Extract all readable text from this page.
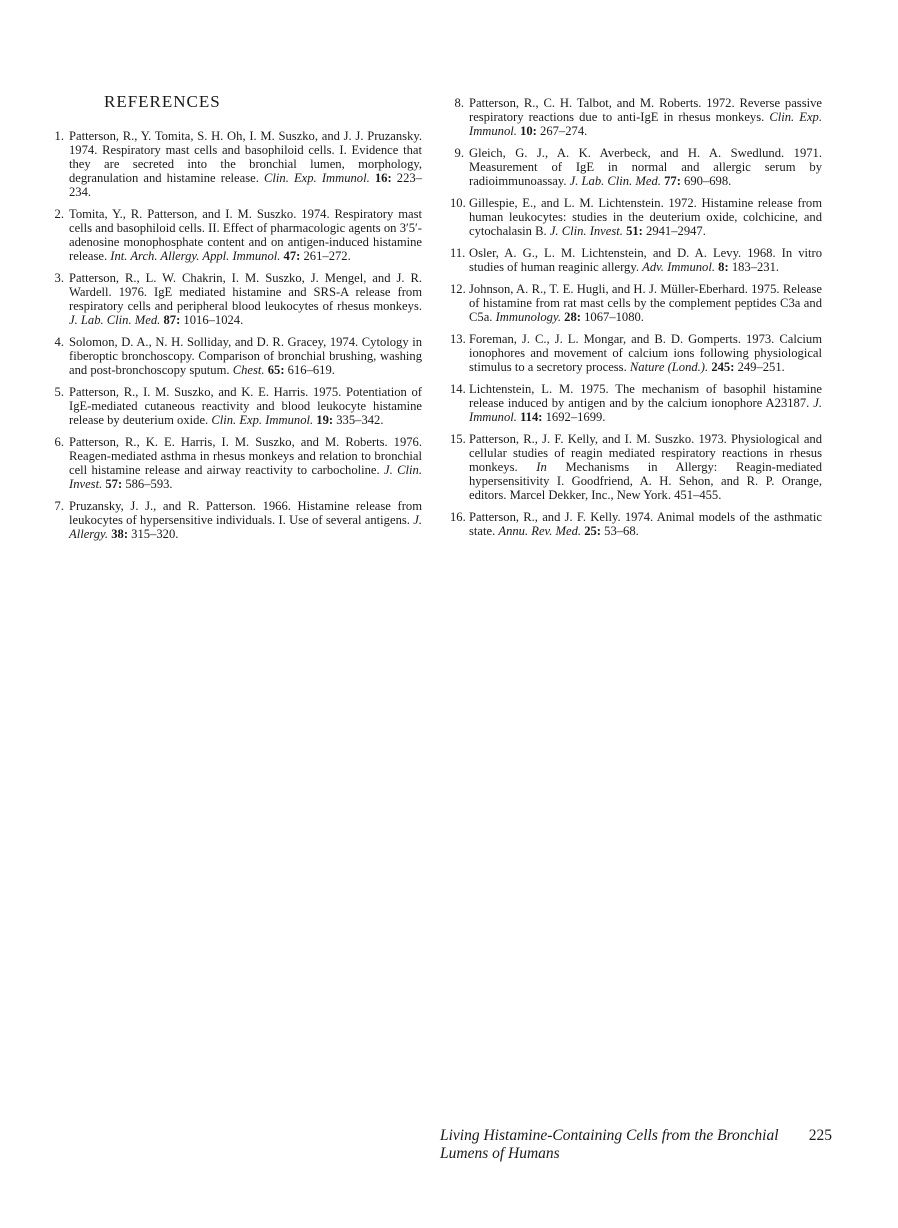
REFERENCES
1. Patterson, R., Y. Tomita, S. H. Oh, I. M. Suszko, and J. J. Pruzansky. 1974. Respiratory mast cells and basophiloid cells. I. Evidence that they are secreted into the bronchial lumen, morphology, degranulation and histamine release. Clin. Exp. Immunol. 16: 223–234.
2. Tomita, Y., R. Patterson, and I. M. Suszko. 1974. Respiratory mast cells and basophiloid cells. II. Effect of pharmacologic agents on 3′5′-adenosine monophosphate content and on antigen-induced histamine release. Int. Arch. Allergy. Appl. Immunol. 47: 261–272.
3. Patterson, R., L. W. Chakrin, I. M. Suszko, J. Mengel, and J. R. Wardell. 1976. IgE mediated histamine and SRS-A release from respiratory cells and peripheral blood leukocytes of rhesus monkeys. J. Lab. Clin. Med. 87: 1016–1024.
4. Solomon, D. A., N. H. Solliday, and D. R. Gracey, 1974. Cytology in fiberoptic bronchoscopy. Comparison of bronchial brushing, washing and post-bronchoscopy sputum. Chest. 65: 616–619.
5. Patterson, R., I. M. Suszko, and K. E. Harris. 1975. Potentiation of IgE-mediated cutaneous reactivity and blood leukocyte histamine release by deuterium oxide. Clin. Exp. Immunol. 19: 335–342.
6. Patterson, R., K. E. Harris, I. M. Suszko, and M. Roberts. 1976. Reagen-mediated asthma in rhesus monkeys and relation to bronchial cell histamine release and airway reactivity to carbocholine. J. Clin. Invest. 57: 586–593.
7. Pruzansky, J. J., and R. Patterson. 1966. Histamine release from leukocytes of hypersensitive individuals. I. Use of several antigens. J. Allergy. 38: 315–320.
8. Patterson, R., C. H. Talbot, and M. Roberts. 1972. Reverse passive respiratory reactions due to anti-IgE in rhesus monkeys. Clin. Exp. Immunol. 10: 267–274.
9. Gleich, G. J., A. K. Averbeck, and H. A. Swedlund. 1971. Measurement of IgE in normal and allergic serum by radioimmunoassay. J. Lab. Clin. Med. 77: 690–698.
10. Gillespie, E., and L. M. Lichtenstein. 1972. Histamine release from human leukocytes: studies in the deuterium oxide, colchicine, and cytochalasin B. J. Clin. Invest. 51: 2941–2947.
11. Osler, A. G., L. M. Lichtenstein, and D. A. Levy. 1968. In vitro studies of human reaginic allergy. Adv. Immunol. 8: 183–231.
12. Johnson, A. R., T. E. Hugli, and H. J. Müller-Eberhard. 1975. Release of histamine from rat mast cells by the complement peptides C3a and C5a. Immunology. 28: 1067–1080.
13. Foreman, J. C., J. L. Mongar, and B. D. Gomperts. 1973. Calcium ionophores and movement of calcium ions following physiological stimulus to a secretory process. Nature (Lond.). 245: 249–251.
14. Lichtenstein, L. M. 1975. The mechanism of basophil histamine release induced by antigen and by the calcium ionophore A23187. J. Immunol. 114: 1692–1699.
15. Patterson, R., J. F. Kelly, and I. M. Suszko. 1973. Physiological and cellular studies of reagin mediated respiratory reactions in rhesus monkeys. In Mechanisms in Allergy: Reagin-mediated hypersensitivity I. Goodfriend, A. H. Sehon, and R. P. Orange, editors. Marcel Dekker, Inc., New York. 451–455.
16. Patterson, R., and J. F. Kelly. 1974. Animal models of the asthmatic state. Annu. Rev. Med. 25: 53–68.
Living Histamine-Containing Cells from the Bronchial Lumens of Humans
225
